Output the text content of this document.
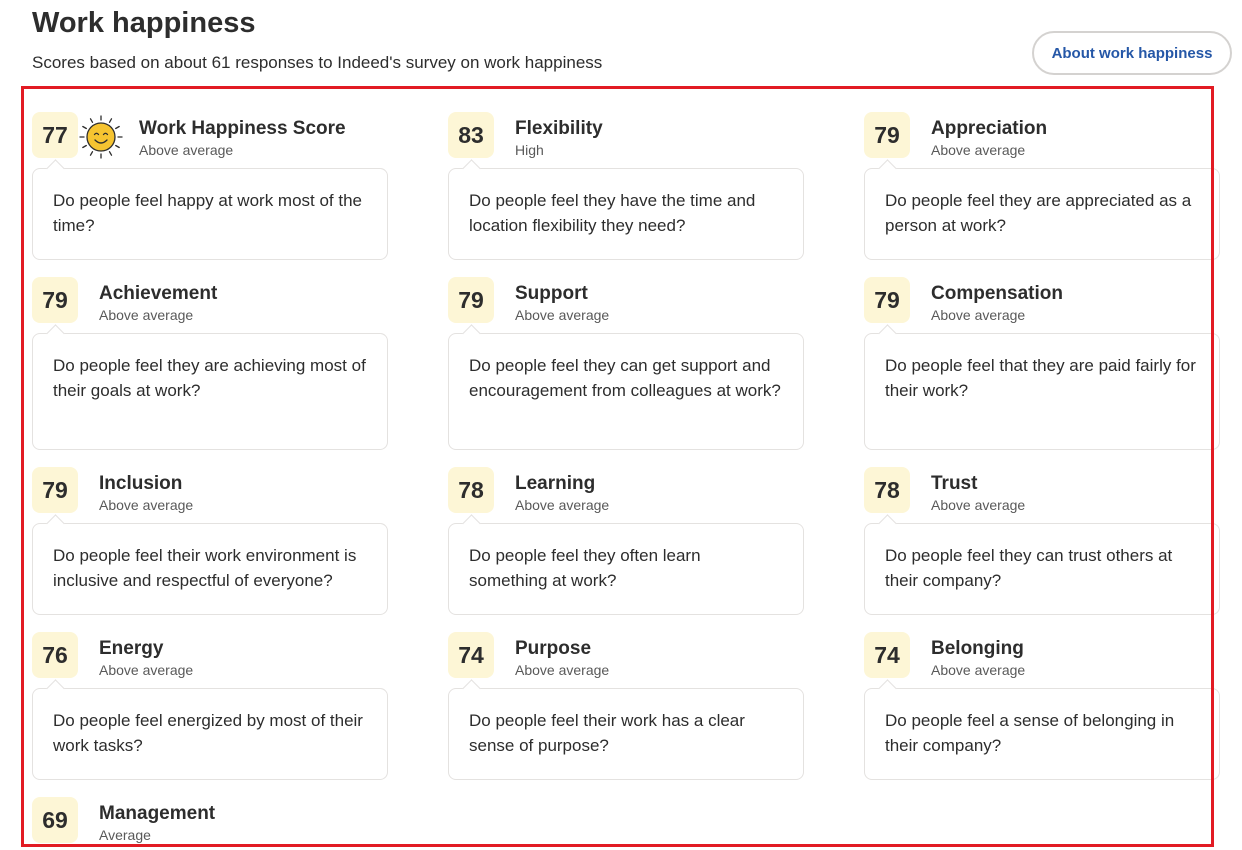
Work happiness
Scores based on about 61 responses to Indeed's survey on work happiness	About work happiness
77	Work Happiness Score
Above average
Do people feel happy at work most of the time?
83	Flexibility
High
Do people feel they have the time and location flexibility they need?
79	Appreciation
Above average
Do people feel they are appreciated as a person at work?
79	Achievement
Above average
Do people feel they are achieving most of their goals at work?
79	Support
Above average
Do people feel they can get support and encouragement from colleagues at work?
79	Compensation
Above average
Do people feel that they are paid fairly for their work?
79	Inclusion
Above average
Do people feel their work environment is inclusive and respectful of everyone?
78	Learning
Above average
Do people feel they often learn something at work?
78	Trust
Above average
Do people feel they can trust others at their company?
76	Energy
Above average
Do people feel energized by most of their work tasks?
74	Purpose
Above average
Do people feel their work has a clear sense of purpose?
74	Belonging
Above average
Do people feel a sense of belonging in their company?
69	Management
Average
